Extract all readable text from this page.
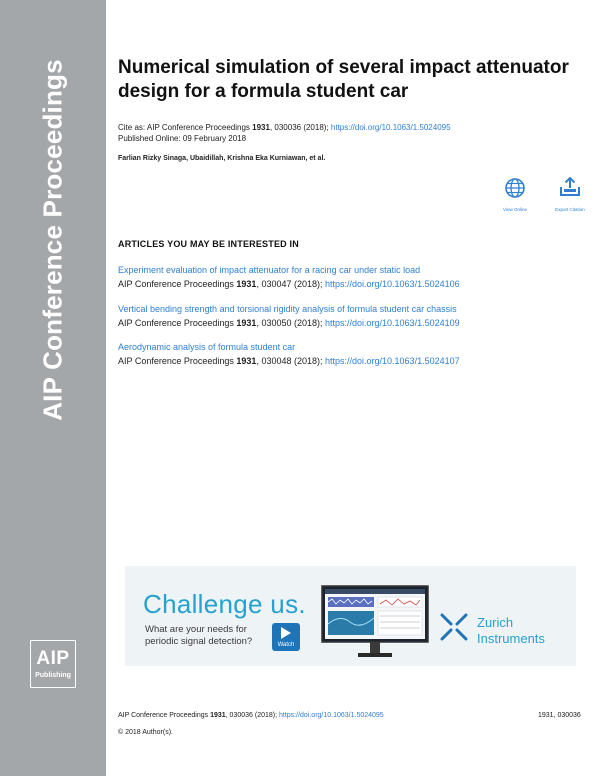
AIP Conference Proceedings
AIP
Publishing
Numerical simulation of several impact attenuator design for a formula student car
Cite as: AIP Conference Proceedings 1931, 030036 (2018); https://doi.org/10.1063/1.5024095
Published Online: 09 February 2018
Farlian Rizky Sinaga, Ubaidillah, Krishna Eka Kurniawan, et al.
View Online	Export Citation
ARTICLES YOU MAY BE INTERESTED IN
Experiment evaluation of impact attenuator for a racing car under static load
AIP Conference Proceedings 1931, 030047 (2018); https://doi.org/10.1063/1.5024106
Vertical bending strength and torsional rigidity analysis of formula student car chassis
AIP Conference Proceedings 1931, 030050 (2018); https://doi.org/10.1063/1.5024109
Aerodynamic analysis of formula student car
AIP Conference Proceedings 1931, 030048 (2018); https://doi.org/10.1063/1.5024107
Challenge us.
What are your needs for periodic signal detection?	Watch
Zurich Instruments
AIP Conference Proceedings 1931, 030036 (2018); https://doi.org/10.1063/1.5024095	1931, 030036
© 2018 Author(s).
